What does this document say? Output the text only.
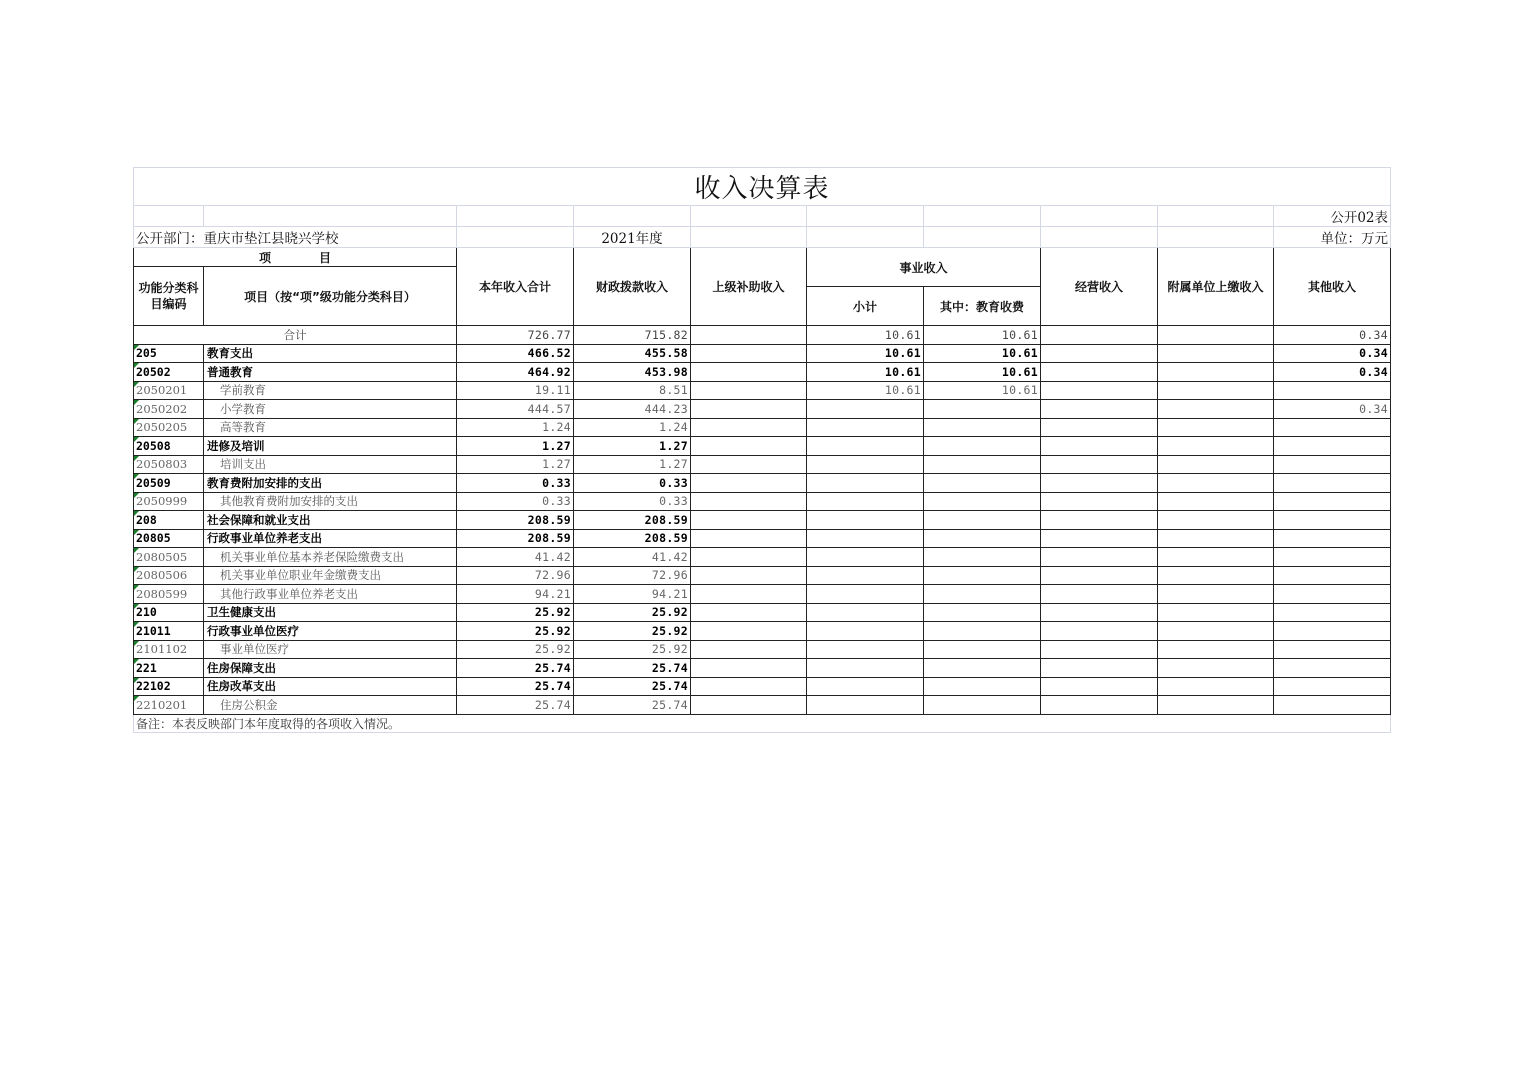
收入决算表									
									公开02表
公开部门：重庆市垫江县晓兴学校			2021年度						单位：万元
项　　　　目		本年收入合计	财政拨款收入	上级补助收入	事业收入		经营收入	附属单位上缴收入	其他收入
功能分类科目编码	项目（按“项”级功能分类科目）								
					小计	其中：教育收费			
合计		726.77	715.82		10.61	10.61			0.34

205	教育支出	466.52	455.58		10.61	10.61			0.34

20502	普通教育	464.92	453.98		10.61	10.61			0.34

2050201	学前教育	19.11	8.51		10.61	10.61			

2050202	小学教育	444.57	444.23						0.34

2050205	高等教育	1.24	1.24						

20508	进修及培训	1.27	1.27						

2050803	培训支出	1.27	1.27						

20509	教育费附加安排的支出	0.33	0.33						

2050999	其他教育费附加安排的支出	0.33	0.33						

208	社会保障和就业支出	208.59	208.59						

20805	行政事业单位养老支出	208.59	208.59						

2080505	机关事业单位基本养老保险缴费支出	41.42	41.42						

2080506	机关事业单位职业年金缴费支出	72.96	72.96						

2080599	其他行政事业单位养老支出	94.21	94.21						

210	卫生健康支出	25.92	25.92						

21011	行政事业单位医疗	25.92	25.92						

2101102	事业单位医疗	25.92	25.92						

221	住房保障支出	25.74	25.74						

22102	住房改革支出	25.74	25.74						

2210201	住房公积金	25.74	25.74						
备注：本表反映部门本年度取得的各项收入情况。									
